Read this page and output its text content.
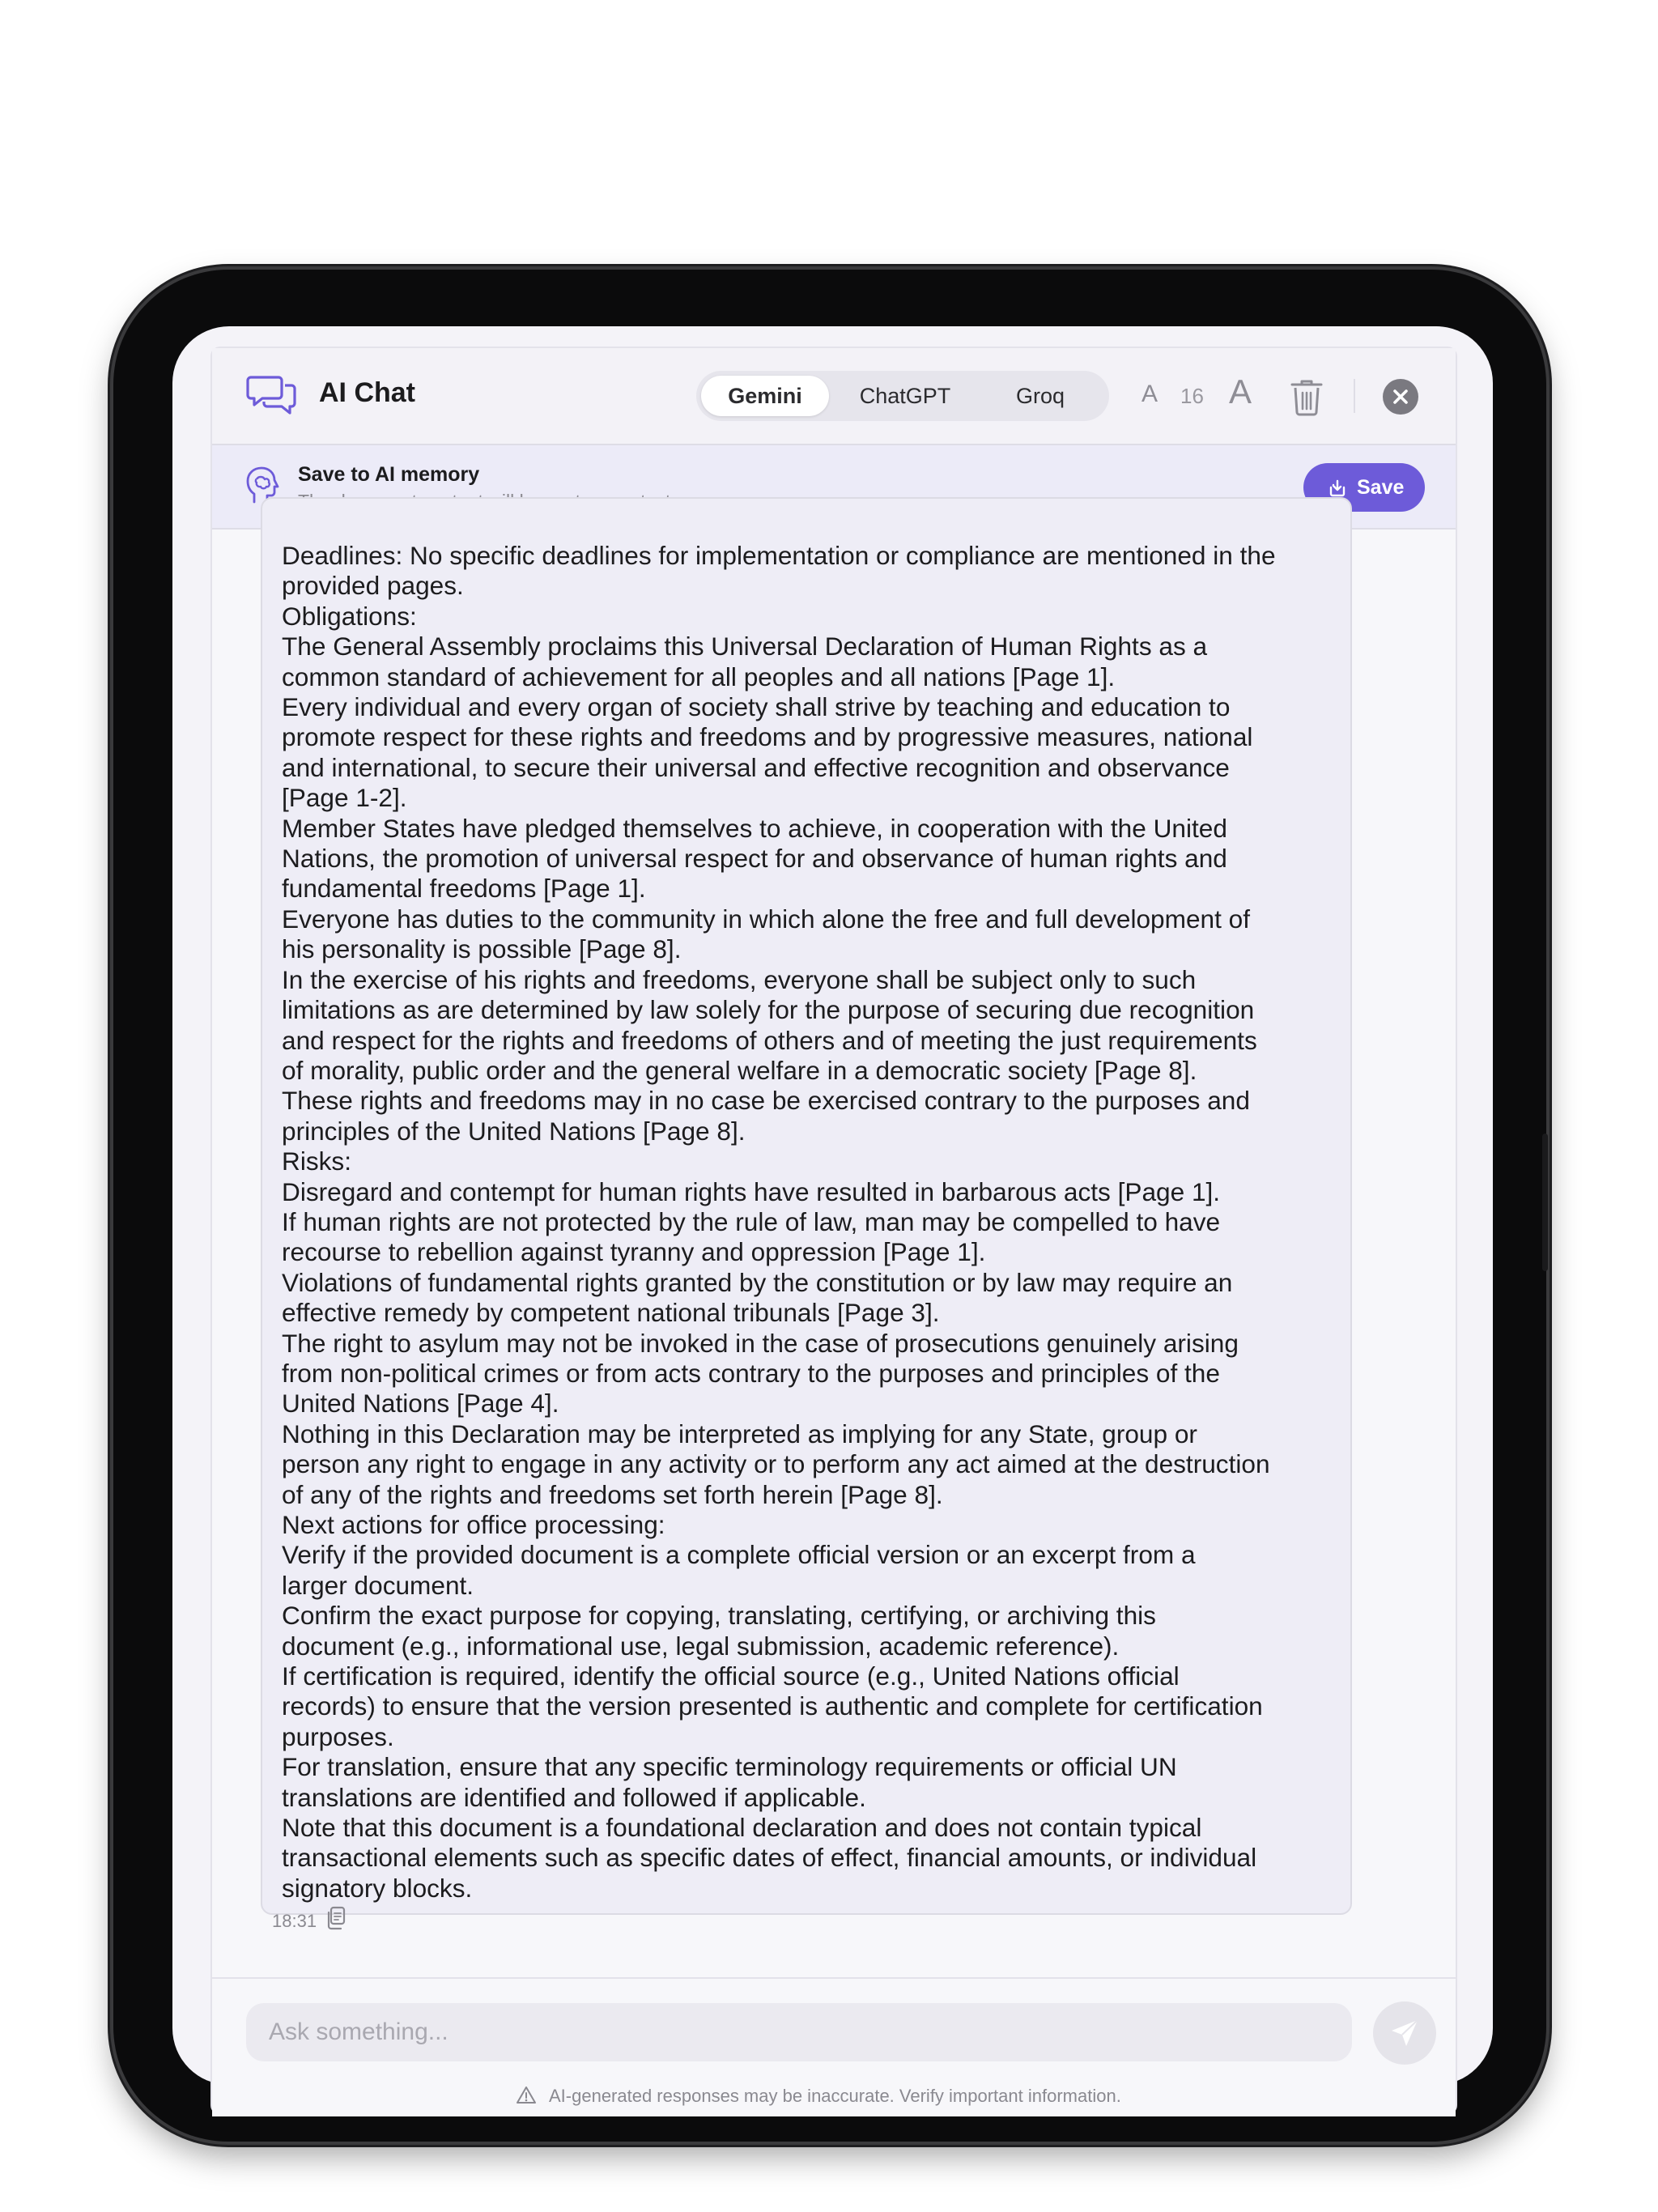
AI Chat	Gemini	ChatGPT	Groq	A 16 A
Save to AI memory
Save

Deadlines: No specific deadlines for implementation or compliance are mentioned in the

provided pages.

Obligations:

The General Assembly proclaims this Universal Declaration of Human Rights as a

common standard of achievement for all peoples and all nations [Page 1].

Every individual and every organ of society shall strive by teaching and education to

promote respect for these rights and freedoms and by progressive measures, national

and international, to secure their universal and effective recognition and observance

[Page 1-2].

Member States have pledged themselves to achieve, in cooperation with the United

Nations, the promotion of universal respect for and observance of human rights and

fundamental freedoms [Page 1].

Everyone has duties to the community in which alone the free and full development of

his personality is possible [Page 8].

In the exercise of his rights and freedoms, everyone shall be subject only to such

limitations as are determined by law solely for the purpose of securing due recognition

and respect for the rights and freedoms of others and of meeting the just requirements

of morality, public order and the general welfare in a democratic society [Page 8].

These rights and freedoms may in no case be exercised contrary to the purposes and

principles of the United Nations [Page 8].

Risks:

Disregard and contempt for human rights have resulted in barbarous acts [Page 1].

If human rights are not protected by the rule of law, man may be compelled to have

recourse to rebellion against tyranny and oppression [Page 1].

Violations of fundamental rights granted by the constitution or by law may require an

effective remedy by competent national tribunals [Page 3].

The right to asylum may not be invoked in the case of prosecutions genuinely arising

from non-political crimes or from acts contrary to the purposes and principles of the

United Nations [Page 4].

Nothing in this Declaration may be interpreted as implying for any State, group or

person any right to engage in any activity or to perform any act aimed at the destruction

of any of the rights and freedoms set forth herein [Page 8].

Next actions for office processing:

Verify if the provided document is a complete official version or an excerpt from a

larger document.

Confirm the exact purpose for copying, translating, certifying, or archiving this

document (e.g., informational use, legal submission, academic reference).

If certification is required, identify the official source (e.g., United Nations official

records) to ensure that the version presented is authentic and complete for certification

purposes.

For translation, ensure that any specific terminology requirements or official UN

translations are identified and followed if applicable.

Note that this document is a foundational declaration and does not contain typical

transactional elements such as specific dates of effect, financial amounts, or individual

signatory blocks.

18:31
Ask something...
AI-generated responses may be inaccurate. Verify important information.
